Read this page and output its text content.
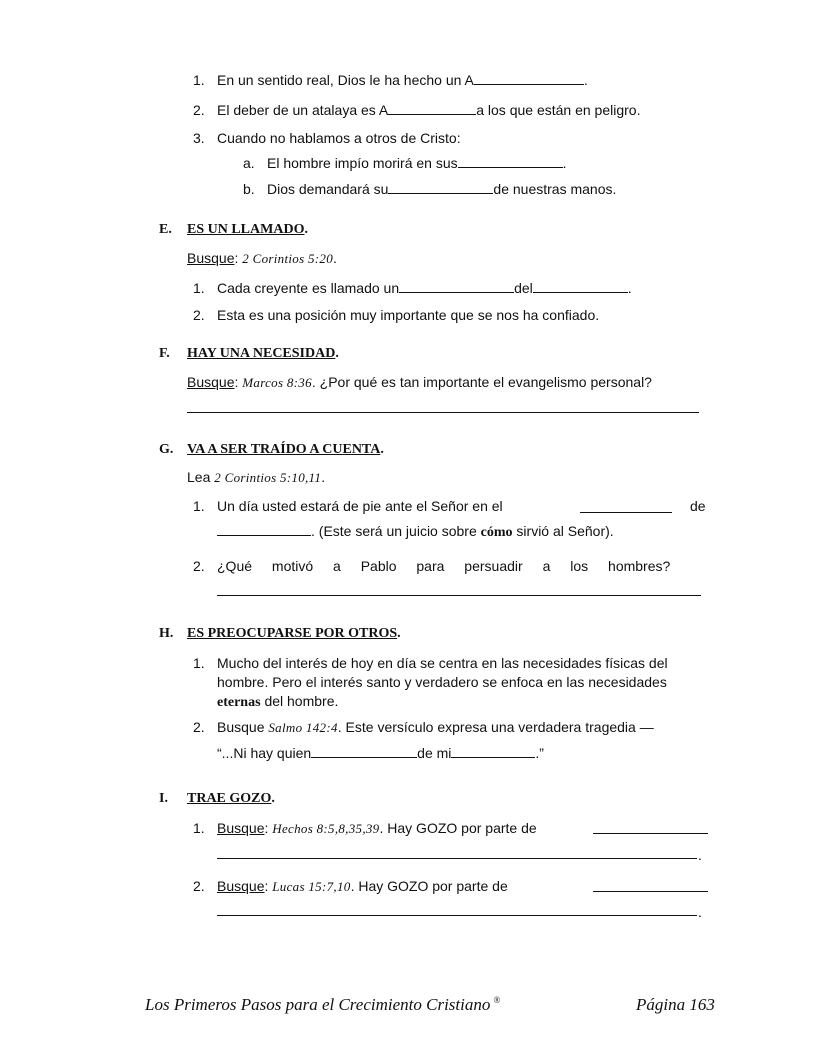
1. En un sentido real, Dios le ha hecho un A	.
2. El deber de un atalaya es A	a los que están en peligro.
3. Cuando no hablamos a otros de Cristo:
a. El hombre impío morirá en sus	.
b. Dios demandará su	de nuestras manos.
E. ES UN LLAMADO.
Busque: 2 Corintios 5:20.
1. Cada creyente es llamado un	del	.
2. Esta es una posición muy importante que se nos ha confiado.
F. HAY UNA NECESIDAD.
Busque: Marcos 8:36. ¿Por qué es tan importante el evangelismo personal?
G. VA A SER TRAÍDO A CUENTA.
Lea 2 Corintios 5:10,11.
1. Un día usted estará de pie ante el Señor en el	de
. (Este será un juicio sobre cómo sirvió al Señor).
2. ¿Qué motivó a Pablo para persuadir a los hombres?
H. ES PREOCUPARSE POR OTROS.
1. Mucho del interés de hoy en día se centra en las necesidades físicas del
hombre. Pero el interés santo y verdadero se enfoca en las necesidades
eternas del hombre.
2. Busque Salmo 142:4. Este versículo expresa una verdadera tragedia —
“...Ni hay quien	de mi	.”
I. TRAE GOZO.
1. Busque: Hechos 8:5,8,35,39. Hay GOZO por parte de
.
2. Busque: Lucas 15:7,10. Hay GOZO por parte de
.
Los Primeros Pasos para el Crecimiento Cristiano ®	Página 163
